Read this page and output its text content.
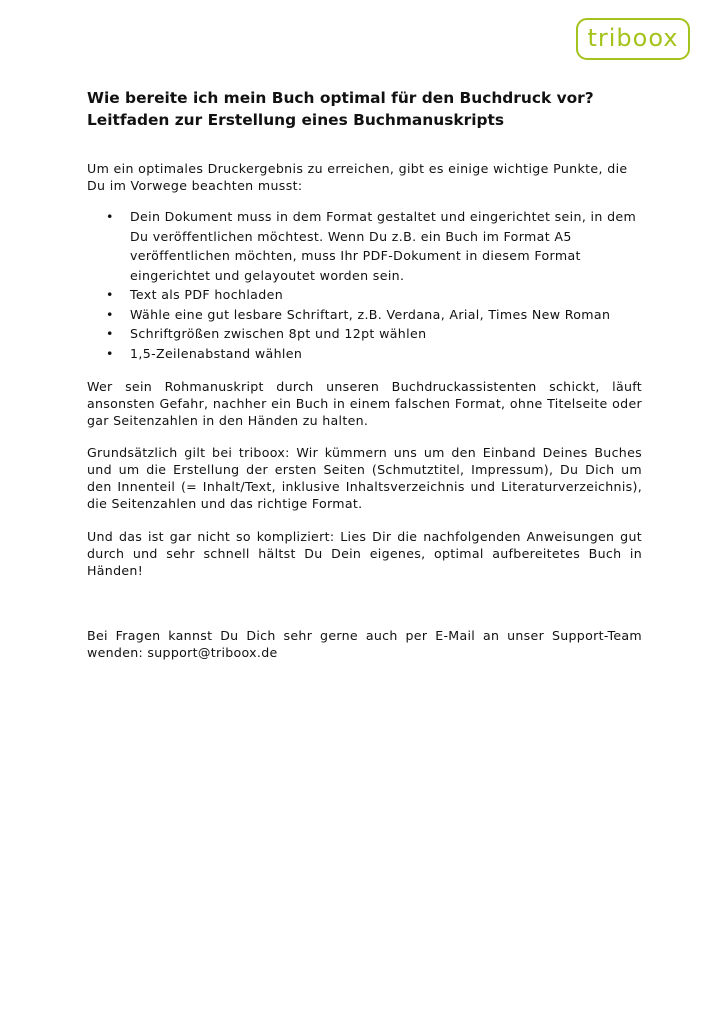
triboox
Wie bereite ich mein Buch optimal für den Buchdruck vor? Leitfaden zur Erstellung eines Buchmanuskripts

Um ein optimales Druckergebnis zu erreichen, gibt es einige wichtige Punkte, die Du im Vorwege beachten musst:

• Dein Dokument muss in dem Format gestaltet und eingerichtet sein, in dem Du veröffentlichen möchtest. Wenn Du z.B. ein Buch im Format A5 veröffentlichen möchten, muss Ihr PDF-Dokument in diesem Format eingerichtet und gelayoutet worden sein.
• Text als PDF hochladen
• Wähle eine gut lesbare Schriftart, z.B. Verdana, Arial, Times New Roman
• Schriftgrößen zwischen 8pt und 12pt wählen
• 1,5-Zeilenabstand wählen

Wer sein Rohmanuskript durch unseren Buchdruckassistenten schickt, läuft ansonsten Gefahr, nachher ein Buch in einem falschen Format, ohne Titelseite oder gar Seitenzahlen in den Händen zu halten.

Grundsätzlich gilt bei triboox: Wir kümmern uns um den Einband Deines Buches und um die Erstellung der ersten Seiten (Schmutztitel, Impressum), Du Dich um den Innenteil (= Inhalt/Text, inklusive Inhaltsverzeichnis und Literaturverzeichnis), die Seitenzahlen und das richtige Format.

Und das ist gar nicht so kompliziert: Lies Dir die nachfolgenden Anweisungen gut durch und sehr schnell hältst Du Dein eigenes, optimal aufbereitetes Buch in Händen!

Bei Fragen kannst Du Dich sehr gerne auch per E-Mail an unser Support-Team wenden: support@triboox.de
